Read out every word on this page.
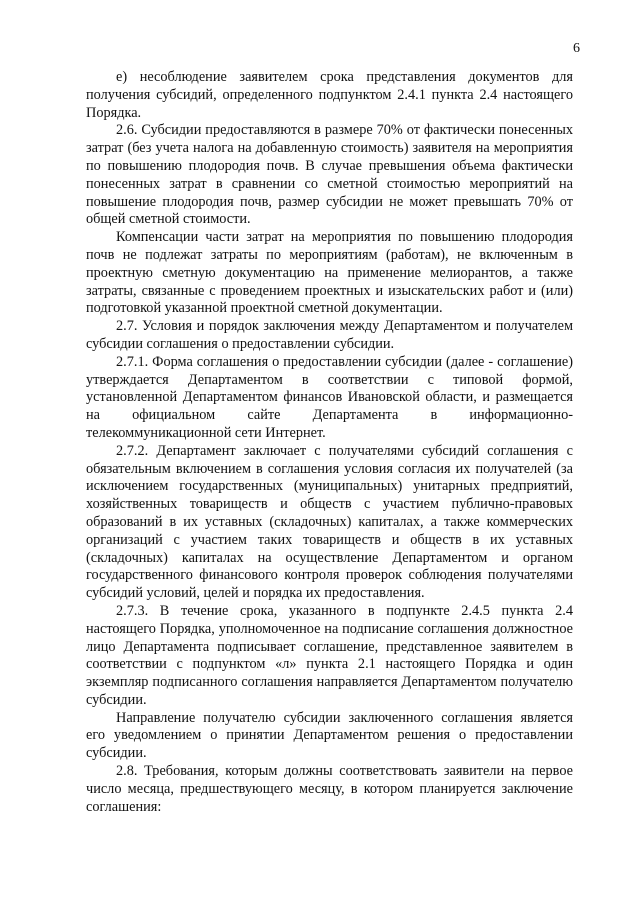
6

е) несоблюдение заявителем срока представления документов для получения субсидий, определенного подпунктом 2.4.1 пункта 2.4 настоящего Порядка.

2.6. Субсидии предоставляются в размере 70% от фактически понесенных затрат (без учета налога на добавленную стоимость) заявителя на мероприятия по повышению плодородия почв. В случае превышения объема фактически понесенных затрат в сравнении со сметной стоимостью мероприятий на повышение плодородия почв, размер субсидии не может превышать 70% от общей сметной стоимости.

Компенсации части затрат на мероприятия по повышению плодородия почв не подлежат затраты по мероприятиям (работам), не включенным в проектную сметную документацию на применение мелиорантов, а также затраты, связанные с проведением проектных и изыскательских работ и (или) подготовкой указанной проектной сметной документации.

2.7. Условия и порядок заключения между Департаментом и получателем субсидии соглашения о предоставлении субсидии.

2.7.1. Форма соглашения о предоставлении субсидии (далее - соглашение) утверждается Департаментом в соответствии с типовой формой, установленной Департаментом финансов Ивановской области, и размещается на официальном сайте Департамента в информационно-телекоммуникационной сети Интернет.

2.7.2. Департамент заключает с получателями субсидий соглашения с обязательным включением в соглашения условия согласия их получателей (за исключением государственных (муниципальных) унитарных предприятий, хозяйственных товариществ и обществ с участием публично-правовых образований в их уставных (складочных) капиталах, а также коммерческих организаций с участием таких товариществ и обществ в их уставных (складочных) капиталах на осуществление Департаментом и органом государственного финансового контроля проверок соблюдения получателями субсидий условий, целей и порядка их предоставления.

2.7.3. В течение срока, указанного в подпункте 2.4.5 пункта 2.4 настоящего Порядка, уполномоченное на подписание соглашения должностное лицо Департамента подписывает соглашение, представленное заявителем в соответствии с подпунктом «л» пункта 2.1 настоящего Порядка и один экземпляр подписанного соглашения направляется Департаментом получателю субсидии.

Направление получателю субсидии заключенного соглашения является его уведомлением о принятии Департаментом решения о предоставлении субсидии.

2.8. Требования, которым должны соответствовать заявители на первое число месяца, предшествующего месяцу, в котором планируется заключение соглашения:
